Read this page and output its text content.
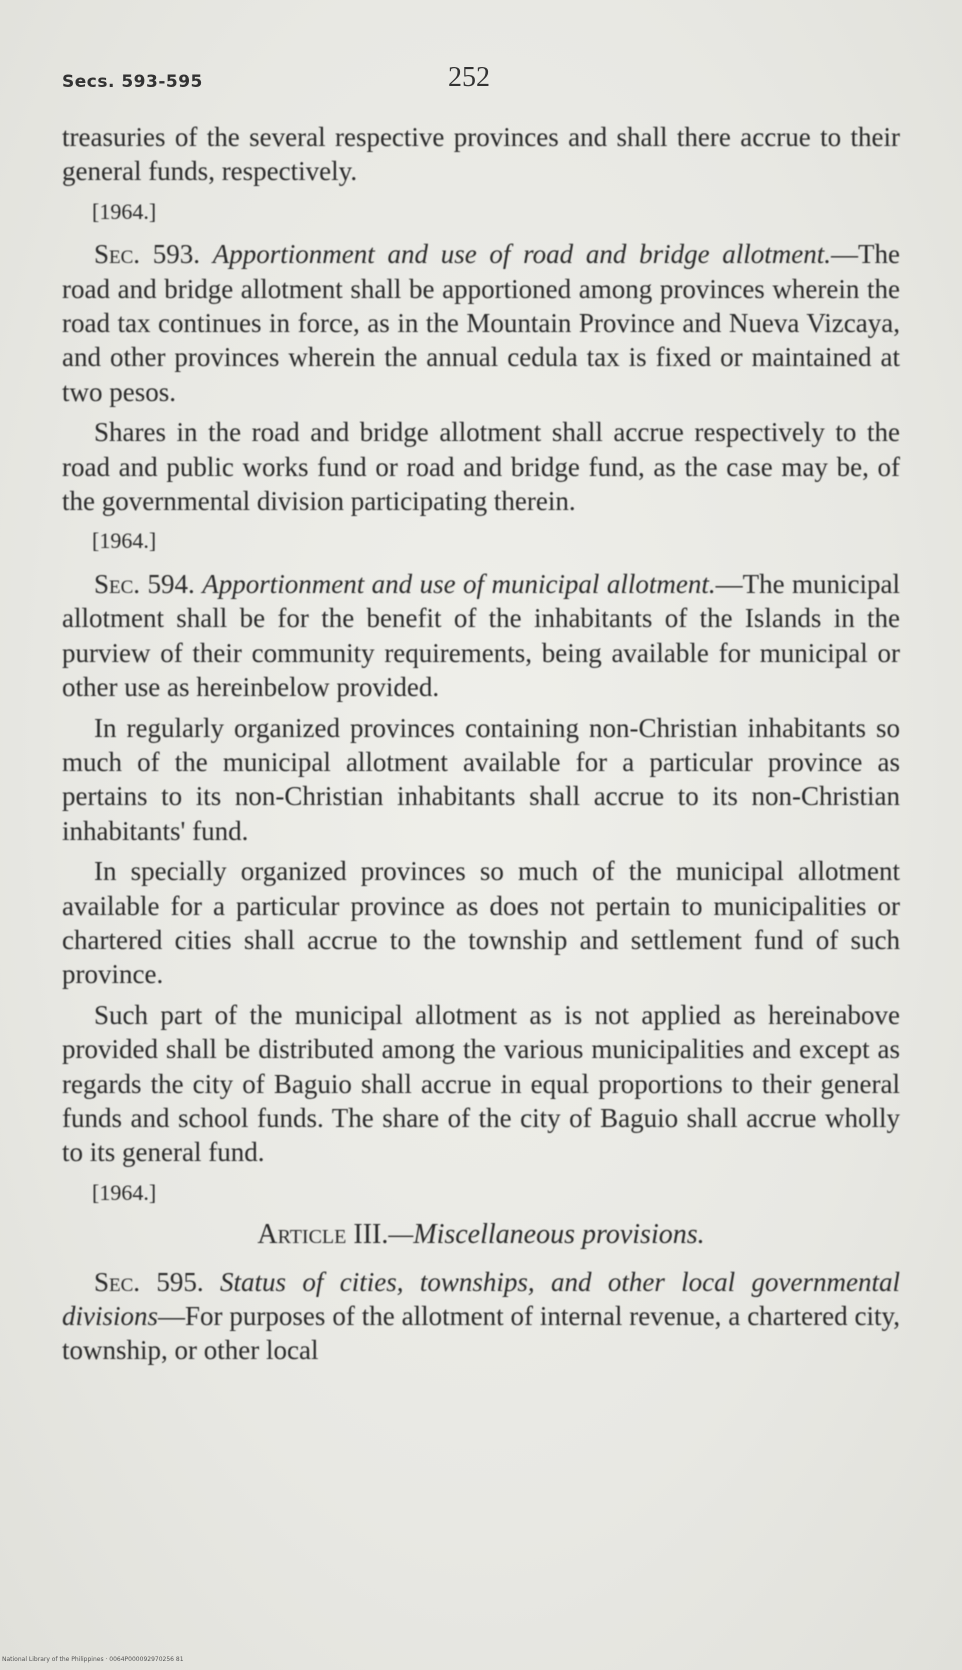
Secs. 593-595	252

treasuries of the several respective provinces and shall there accrue to their general funds, respectively.

[1964.]

Sec. 593. Apportionment and use of road and bridge allotment.—The road and bridge allotment shall be apportioned among provinces wherein the road tax continues in force, as in the Mountain Province and Nueva Vizcaya, and other provinces wherein the annual cedula tax is fixed or maintained at two pesos.

Shares in the road and bridge allotment shall accrue respectively to the road and public works fund or road and bridge fund, as the case may be, of the governmental division participating therein.

[1964.]

Sec. 594. Apportionment and use of municipal allotment.—The municipal allotment shall be for the benefit of the inhabitants of the Islands in the purview of their community requirements, being available for municipal or other use as hereinbelow provided.

In regularly organized provinces containing non-Christian inhabitants so much of the municipal allotment available for a particular province as pertains to its non-Christian inhabitants shall accrue to its non-Christian inhabitants' fund.

In specially organized provinces so much of the municipal allotment available for a particular province as does not pertain to municipalities or chartered cities shall accrue to the township and settlement fund of such province.

Such part of the municipal allotment as is not applied as hereinabove provided shall be distributed among the various municipalities and except as regards the city of Baguio shall accrue in equal proportions to their general funds and school funds. The share of the city of Baguio shall accrue wholly to its general fund.

[1964.]
Article III.—Miscellaneous provisions.

Sec. 595. Status of cities, townships, and other local governmental divisions—For purposes of the allotment of internal revenue, a chartered city, township, or other local

National Library of the Philippines · 0064P000092970256 81
